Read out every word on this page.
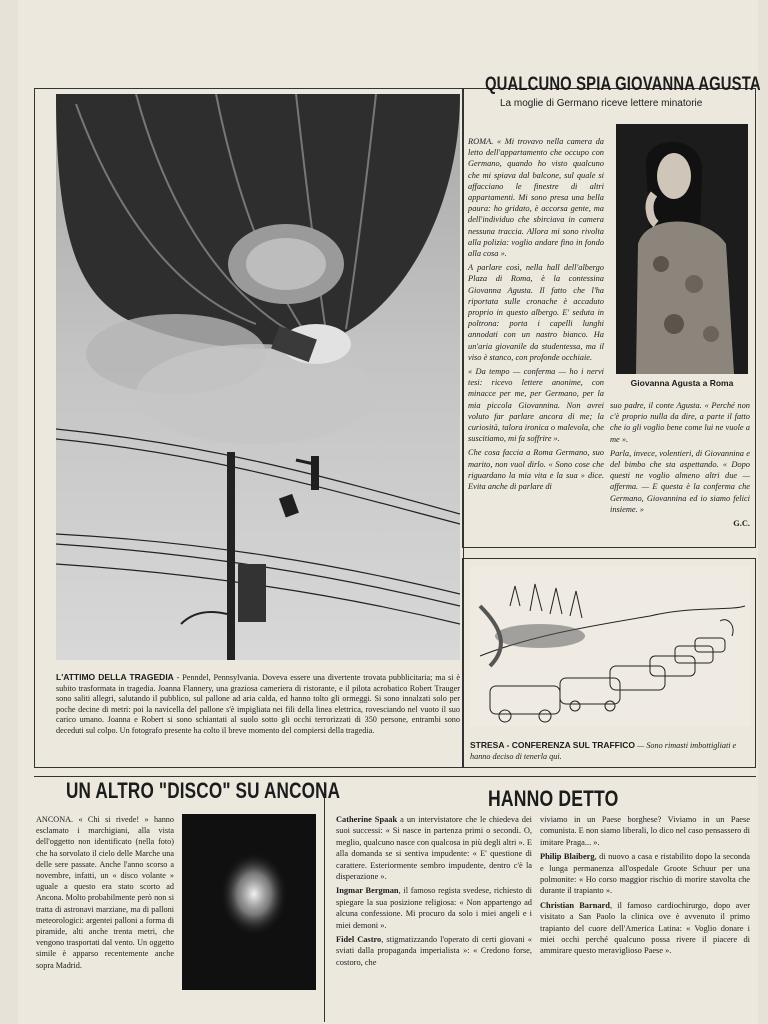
L'ATTIMO DELLA TRAGEDIA - Penndel, Pennsylvania. Doveva essere una divertente trovata pubblicitaria; ma si è subito trasformata in tragedia. Joanna Flannery, una graziosa cameriera di ristorante, e il pilota acrobatico Robert Trauger sono saliti allegri, salutando il pubblico, sul pallone ad aria calda, ed hanno tolto gli ormeggi. Si sono innalzati solo per poche decine di metri: poi la navicella del pallone s'è impigliata nei fili della linea elettrica, rovesciando nel vuoto il suo carico umano. Joanna e Robert si sono schiantati al suolo sotto gli occhi terrorizzati di 350 persone, entrambi sono deceduti sul colpo. Un fotografo presente ha colto il breve momento del compiersi della tragedia.
QUALCUNO SPIA GIOVANNA AGUSTA
La moglie di Germano riceve lettere minatorie

ROMA. « Mi trovavo nella camera da letto dell'appartamento che occupo con Germano, quando ho visto qualcuno che mi spiava dal balcone, sul quale si affacciano le finestre di altri appartamenti. Mi sono presa una bella paura: ho gridato, è accorsa gente, ma dell'individuo che sbirciava in camera nessuna traccia. Allora mi sono rivolta alla polizia: voglio andare fino in fondo alla cosa ».

A parlare così, nella hall dell'albergo Plaza di Roma, è la contessina Giovanna Agusta. Il fatto che l'ha riportata sulle cronache è accaduto proprio in questo albergo. E' seduta in poltrona: porta i capelli lunghi annodati con un nastro bianco. Ha un'aria giovanile da studentessa, ma il viso è stanco, con profonde occhiaie.

« Da tempo — conferma — ho i nervi tesi: ricevo lettere anonime, con minacce per me, per Germano, per la mia piccola Giovannina. Non avrei voluto far parlare ancora di me; la curiosità, talora ironica o malevola, che suscitiamo, mi fa soffrire ».

Che cosa faccia a Roma Germano, suo marito, non vuol dirlo. « Sono cose che riguardano la mia vita e la sua » dice. Evita anche di parlare di

Giovanna Agusta a Roma

suo padre, il conte Agusta. « Perché non c'è proprio nulla da dire, a parte il fatto che io gli voglio bene come lui ne vuole a me ».

Parla, invece, volentieri, di Giovannina e del bimbo che sta aspettando. « Dopo questi ne voglio almeno altri due — afferma. — E questa è la conferma che Germano, Giovannina ed io siamo felici insieme. »

G.C.
STRESA - CONFERENZA SUL TRAFFICO — Sono rimasti imbottigliati e hanno deciso di tenerla qui.
UN ALTRO "DISCO" SU ANCONA
ANCONA. « Chi si rivede! » hanno esclamato i marchigiani, alla vista dell'oggetto non identificato (nella foto) che ha sorvolato il cielo delle Marche una delle sere passate. Anche l'anno scorso a novembre, infatti, un « disco volante » uguale a questo era stato scorto ad Ancona. Molto probabilmente però non si tratta di astronavi marziane, ma di palloni meteorologici: argentei palloni a forma di piramide, alti anche trenta metri, che vengono trasportati dal vento. Un oggetto simile è apparso recentemente anche sopra Madrid.
HANNO DETTO

Catherine Spaak a un intervistatore che le chiedeva dei suoi successi: « Si nasce in partenza primi o secondi. O, meglio, qualcuno nasce con qualcosa in più degli altri ». E alla domanda se si sentiva impudente: « E' questione di carattere. Esteriormente sembro impudente, dentro c'è la disperazione ».

Ingmar Bergman, il famoso regista svedese, richiesto di spiegare la sua posizione religiosa: « Non appartengo ad alcuna confessione. Mi procuro da solo i miei angeli e i miei demoni ».

Fidel Castro, stigmatizzando l'operato di certi giovani « sviati dalla propaganda imperialista »: « Credono forse, costoro, che

viviamo in un Paese borghese? Viviamo in un Paese comunista. E non siamo liberali, lo dico nel caso pensassero di imitare Praga... ».

Philip Blaiberg, di nuovo a casa e ristabilito dopo la seconda e lunga permanenza all'ospedale Groote Schuur per una polmonite: « Ho corso maggior rischio di morire stavolta che durante il trapianto ».

Christian Barnard, il famoso cardiochirurgo, dopo aver visitato a San Paolo la clinica ove è avvenuto il primo trapianto del cuore dell'America Latina: « Voglio donare i miei occhi perché qualcuno possa rivere il piacere di ammirare questo meraviglioso Paese ».
